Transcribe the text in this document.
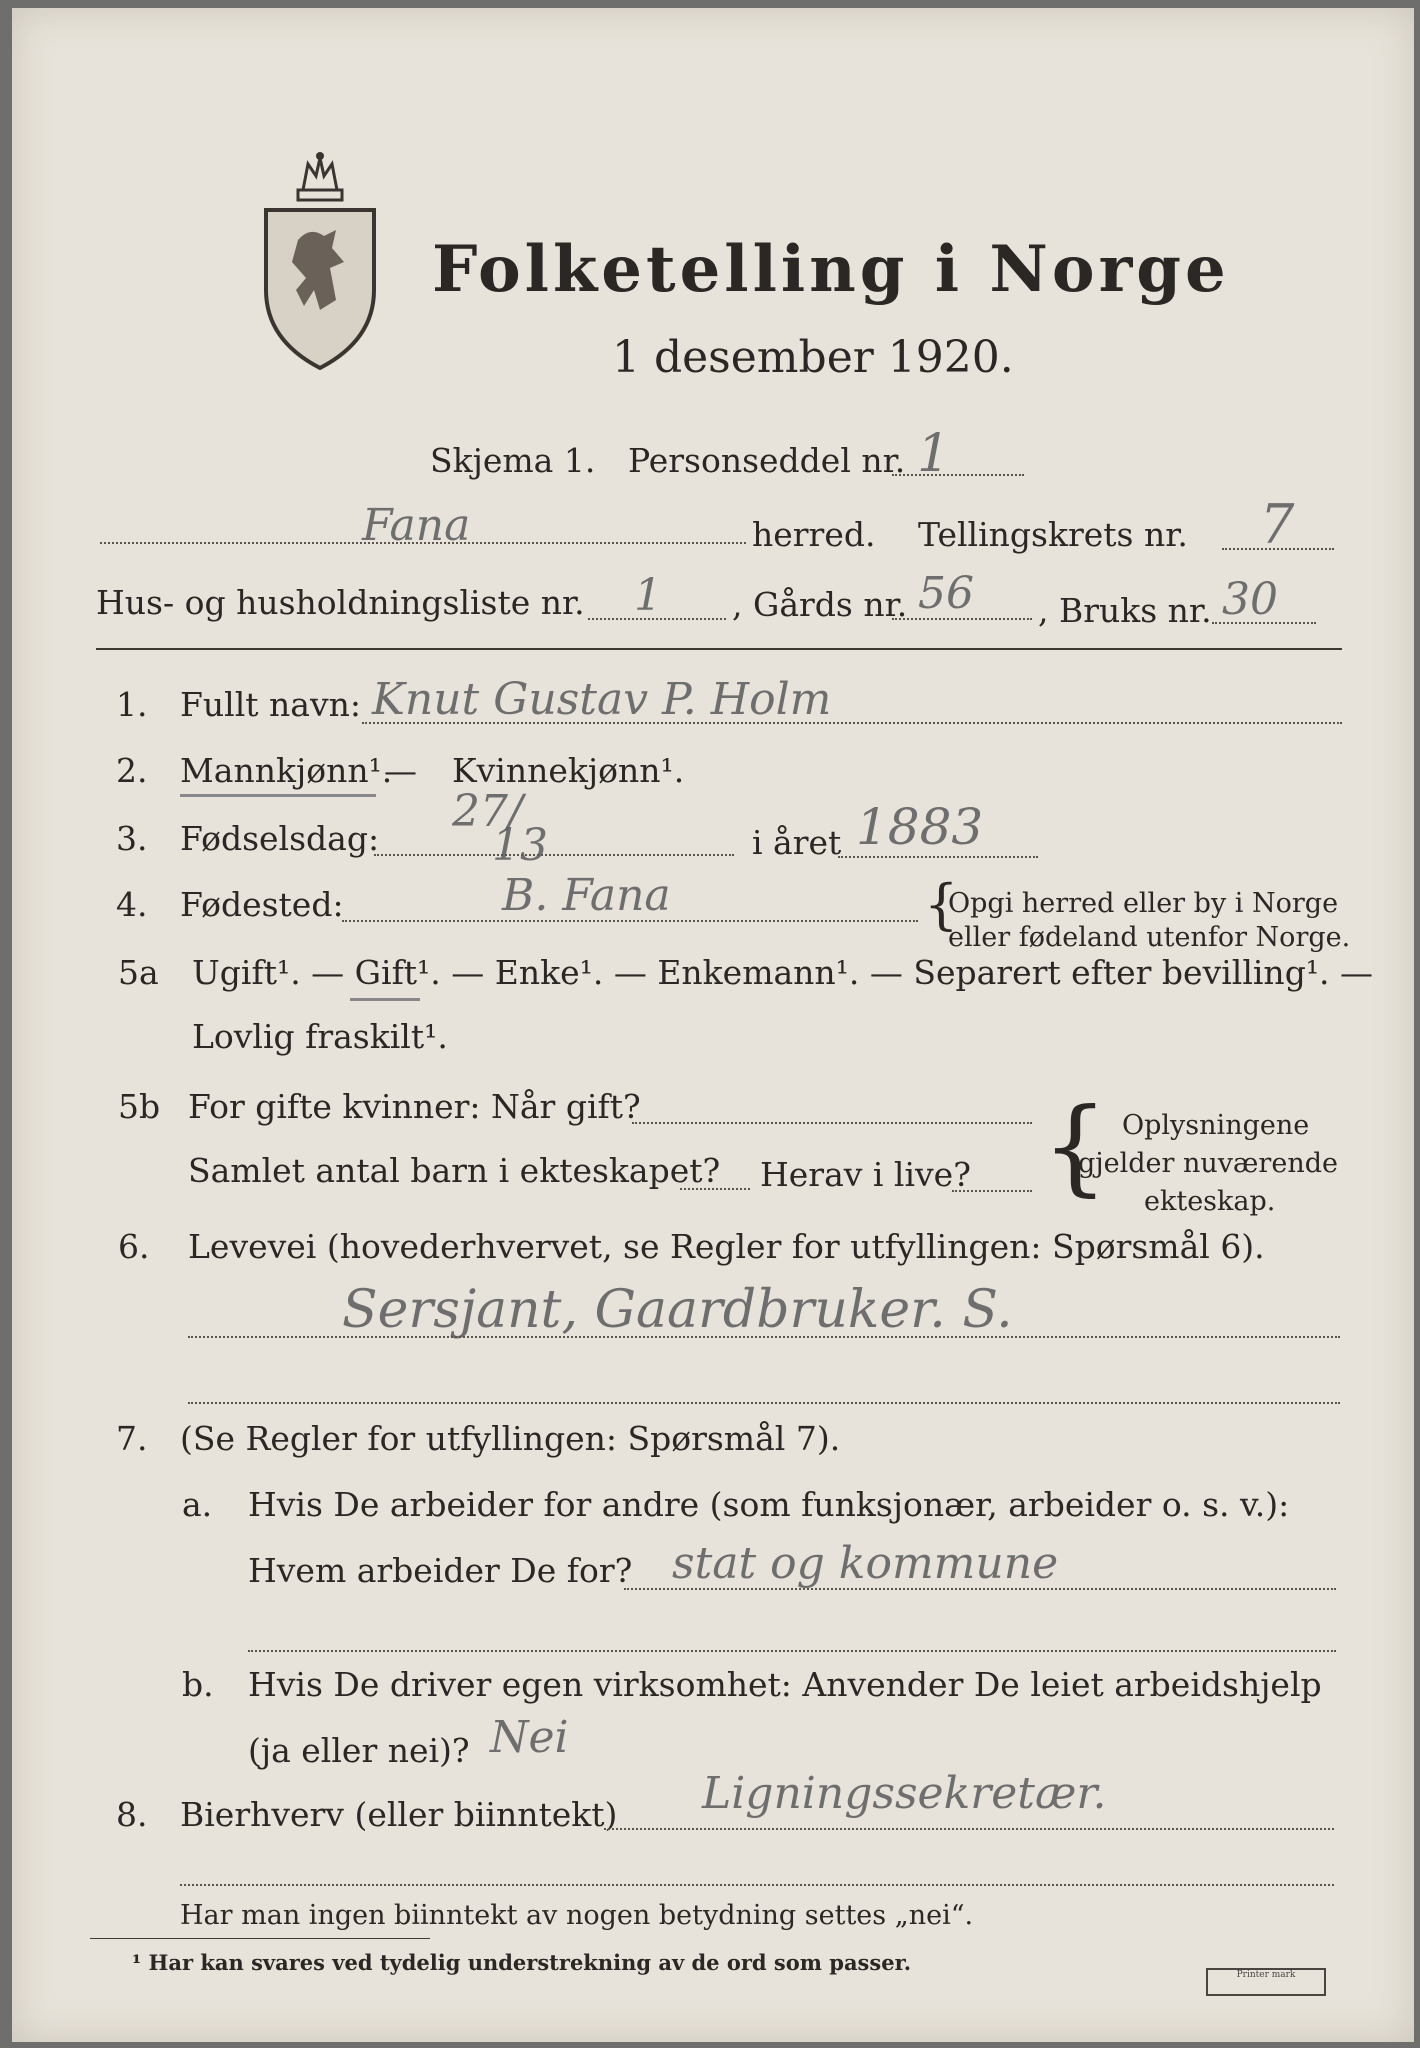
Folketelling i Norge
1 desember 1920.
Skjema 1. Personseddel nr. 1
Fana	herred. Tellingskrets nr. 7
Hus- og husholdningsliste nr. 1 , Gårds nr. 56 , Bruks nr. 30
1. Fullt navn: Knut Gustav P. Holm
2. Mannkjønn¹.
— Kvinnekjønn¹.
3. Fødselsdag:
27/
13	i året 1883
4. Fødested:	B. Fana	{
Opgi herred eller by i Norge
eller fødeland utenfor Norge.
5a Ugift¹. — Gift¹. — Enke¹. — Enkemann¹. — Separert efter bevilling¹. —
Lovlig fraskilt¹.
5b For gifte kvinner: Når gift?
Samlet antal barn i ekteskapet? Herav i live? { Oplysningene
gjelder nuværende
ekteskap.
6. Levevei (hovederhvervet, se Regler for utfyllingen: Spørsmål 6).
Sersjant, Gaardbruker. S.
7. (Se Regler for utfyllingen: Spørsmål 7).
a. Hvis De arbeider for andre (som funksjonær, arbeider o. s. v.):
Hvem arbeider De for? stat og kommune
b. Hvis De driver egen virksomhet: Anvender De leiet arbeidshjelp
(ja eller nei)? Nei
8. Bierhverv (eller biinntekt) Ligningssekretær.
Har man ingen biinntekt av nogen betydning settes „nei“.
¹ Har kan svares ved tydelig understrekning av de ord som passer.	Printer mark
